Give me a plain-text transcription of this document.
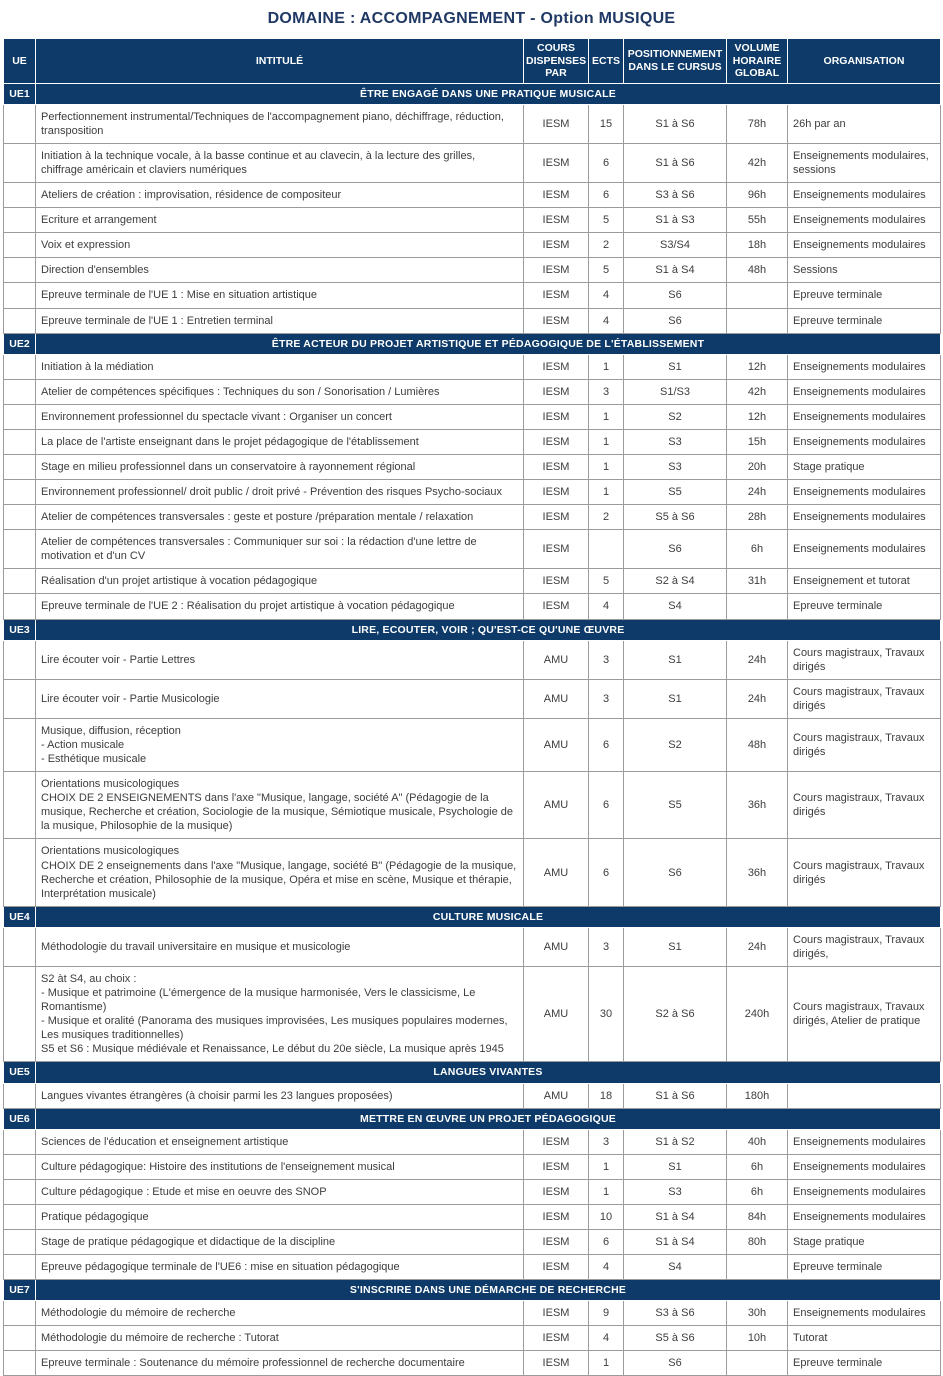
DOMAINE : ACCOMPAGNEMENT - Option MUSIQUE
UE	INTITULÉ	COURS DISPENSES PAR	ECTS	POSITIONNEMENT DANS LE CURSUS	VOLUME HORAIRE GLOBAL	ORGANISATION
UE1	ÊTRE ENGAGÉ DANS UNE PRATIQUE MUSICALE					
	Perfectionnement instrumental/Techniques de l'accompagnement piano, déchiffrage, réduction, transposition	IESM	15	S1 à S6	78h	26h par an
	Initiation à la technique vocale, à la basse continue et au clavecin, à la lecture des grilles, chiffrage américain et claviers numériques	IESM	6	S1 à S6	42h	Enseignements modulaires, sessions
	Ateliers de création : improvisation, résidence de compositeur	IESM	6	S3 à S6	96h	Enseignements modulaires
	Ecriture et arrangement	IESM	5	S1 à S3	55h	Enseignements modulaires
	Voix et expression	IESM	2	S3/S4	18h	Enseignements modulaires
	Direction d'ensembles	IESM	5	S1 à S4	48h	Sessions
	Epreuve terminale de l'UE 1 : Mise en situation artistique	IESM	4	S6		Epreuve terminale
	Epreuve terminale de l'UE 1 : Entretien terminal	IESM	4	S6		Epreuve terminale
UE2	ÊTRE ACTEUR DU PROJET ARTISTIQUE ET PÉDAGOGIQUE DE L'ÉTABLISSEMENT					
	Initiation à la médiation	IESM	1	S1	12h	Enseignements modulaires
	Atelier de compétences spécifiques : Techniques du son / Sonorisation / Lumières	IESM	3	S1/S3	42h	Enseignements modulaires
	Environnement professionnel du spectacle vivant : Organiser un concert	IESM	1	S2	12h	Enseignements modulaires
	La place de l'artiste enseignant dans le projet pédagogique de l'établissement	IESM	1	S3	15h	Enseignements modulaires
	Stage en milieu professionnel dans un conservatoire à rayonnement régional	IESM	1	S3	20h	Stage pratique
	Environnement professionnel/ droit public / droit privé - Prévention des risques Psycho-sociaux	IESM	1	S5	24h	Enseignements modulaires
	Atelier de compétences transversales : geste et posture /préparation mentale / relaxation	IESM	2	S5 à S6	28h	Enseignements modulaires
	Atelier de compétences transversales : Communiquer sur soi : la rédaction d'une lettre de motivation et d'un CV	IESM		S6	6h	Enseignements modulaires
	Réalisation d'un projet artistique à vocation pédagogique	IESM	5	S2 à S4	31h	Enseignement et tutorat
	Epreuve terminale de l'UE 2 : Réalisation du projet artistique à vocation pédagogique	IESM	4	S4		Epreuve terminale
UE3	LIRE, ECOUTER, VOIR ; QU'EST-CE QU'UNE ŒUVRE					
	Lire écouter voir - Partie Lettres	AMU	3	S1	24h	Cours magistraux, Travaux dirigés
	Lire écouter voir - Partie Musicologie	AMU	3	S1	24h	Cours magistraux, Travaux dirigés
	Musique, diffusion, réception
- Action musicale
- Esthétique musicale	AMU	6	S2	48h	Cours magistraux, Travaux dirigés
	Orientations musicologiques
CHOIX DE 2 ENSEIGNEMENTS dans l'axe "Musique, langage, société A" (Pédagogie de la musique, Recherche et création, Sociologie de la musique, Sémiotique musicale, Psychologie de la musique, Philosophie de la musique)	AMU	6	S5	36h	Cours magistraux, Travaux dirigés
	Orientations musicologiques
CHOIX DE 2 enseignements dans l'axe "Musique, langage, société B" (Pédagogie de la musique, Recherche et création, Philosophie de la musique, Opéra et mise en scène, Musique et thérapie, Interprétation musicale)	AMU	6	S6	36h	Cours magistraux, Travaux dirigés
UE4	CULTURE MUSICALE					
	Méthodologie du travail universitaire en musique et musicologie	AMU	3	S1	24h	Cours magistraux, Travaux dirigés,
	S2 àt S4, au choix :
- Musique et patrimoine (L'émergence de la musique harmonisée, Vers le classicisme, Le Romantisme)
- Musique et oralité (Panorama des musiques improvisées, Les musiques populaires modernes, Les musiques traditionnelles)
S5 et S6 : Musique médiévale et Renaissance, Le début du 20e siècle, La musique après 1945	AMU	30	S2 à S6	240h	Cours magistraux, Travaux dirigés, Atelier de pratique
UE5	LANGUES VIVANTES					
	Langues vivantes étrangères (à choisir parmi les 23 langues proposées)	AMU	18	S1 à S6	180h	
UE6	METTRE EN ŒUVRE UN PROJET PÉDAGOGIQUE					
	Sciences de l'éducation et enseignement artistique	IESM	3	S1 à S2	40h	Enseignements modulaires
	Culture pédagogique: Histoire des institutions de l'enseignement musical	IESM	1	S1	6h	Enseignements modulaires
	Culture pédagogique : Etude et mise en oeuvre des SNOP	IESM	1	S3	6h	Enseignements modulaires
	Pratique pédagogique	IESM	10	S1 à S4	84h	Enseignements modulaires
	Stage de pratique pédagogique et didactique de la discipline	IESM	6	S1 à S4	80h	Stage pratique
	Epreuve pédagogique terminale de l'UE6 : mise en situation pédagogique	IESM	4	S4		Epreuve terminale
UE7	S'INSCRIRE DANS UNE DÉMARCHE DE RECHERCHE					
	Méthodologie du mémoire de recherche	IESM	9	S3 à S6	30h	Enseignements modulaires
	Méthodologie du mémoire de recherche : Tutorat	IESM	4	S5 à S6	10h	Tutorat
	Epreuve terminale : Soutenance du mémoire professionnel de recherche documentaire	IESM	1	S6		Epreuve terminale
